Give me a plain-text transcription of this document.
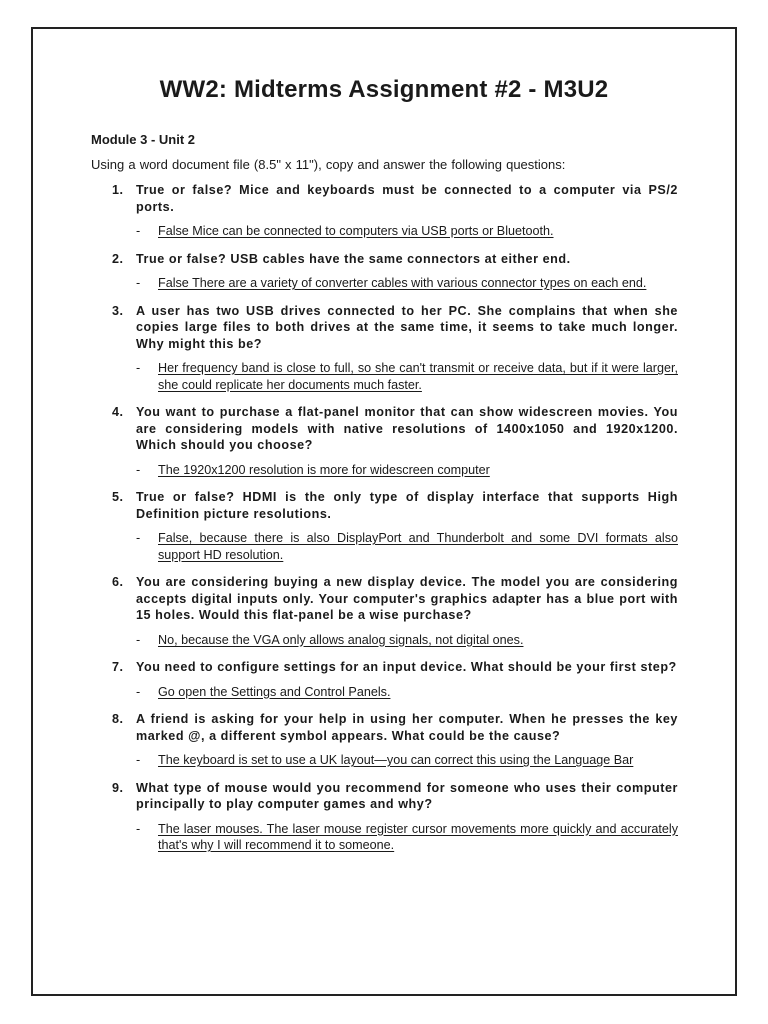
WW2: Midterms Assignment #2 - M3U2

Module 3 - Unit 2

Using a word document file (8.5" x 11"), copy and answer the following questions:

1. True or false? Mice and keyboards must be connected to a computer via PS/2 ports.

- False Mice can be connected to computers via USB ports or Bluetooth.

2. True or false? USB cables have the same connectors at either end.

- False There are a variety of converter cables with various connector types on each end.

3. A user has two USB drives connected to her PC. She complains that when she copies large files to both drives at the same time, it seems to take much longer. Why might this be?

- Her frequency band is close to full, so she can't transmit or receive data, but if it were larger, she could replicate her documents much faster.

4. You want to purchase a flat-panel monitor that can show widescreen movies. You are considering models with native resolutions of 1400x1050 and 1920x1200. Which should you choose?

- The 1920x1200 resolution is more for widescreen computer

5. True or false? HDMI is the only type of display interface that supports High Definition picture resolutions.

- False, because there is also DisplayPort and Thunderbolt and some DVI formats also support HD resolution.

6. You are considering buying a new display device. The model you are considering accepts digital inputs only. Your computer's graphics adapter has a blue port with 15 holes. Would this flat-panel be a wise purchase?

- No, because the VGA only allows analog signals, not digital ones.

7. You need to configure settings for an input device. What should be your first step?

- Go open the Settings and Control Panels.

8. A friend is asking for your help in using her computer. When he presses the key marked @, a different symbol appears. What could be the cause?

- The keyboard is set to use a UK layout—you can correct this using the Language Bar

9. What type of mouse would you recommend for someone who uses their computer principally to play computer games and why?

- The laser mouses. The laser mouse register cursor movements more quickly and accurately that's why I will recommend it to someone.
